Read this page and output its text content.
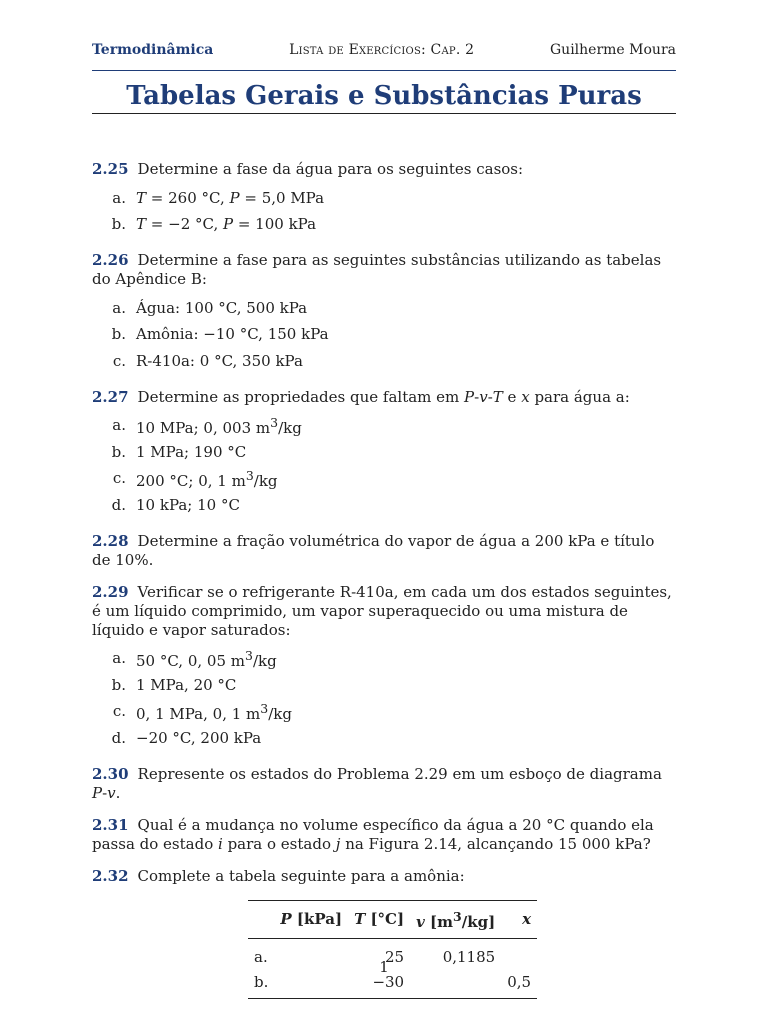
Termodinâmica	Lista de Exercícios: Cap. 2	Guilherme Moura
Tabelas Gerais e Substâncias Puras
2.25 Determine a fase da água para os seguintes casos:
a. T = 260 °C, P = 5,0 MPa
b. T = −2 °C, P = 100 kPa
2.26 Determine a fase para as seguintes substâncias utilizando as tabelas do Apêndice B:
a. Água: 100 °C, 500 kPa
b. Amônia: −10 °C, 150 kPa
c. R-410a: 0 °C, 350 kPa
2.27 Determine as propriedades que faltam em P-v-T e x para água a:
a. 10 MPa; 0, 003 $m^3/kg$
b. 1 MPa; 190 °C
c. 200 °C; 0, 1 $m^3/kg$
d. 10 kPa; 10 °C
2.28 Determine a fração volumétrica do vapor de água a 200 kPa e título de 10%.
2.29 Verificar se o refrigerante R-410a, em cada um dos estados seguintes, é um líquido comprimido, um vapor superaquecido ou uma mistura de líquido e vapor saturados:
a. 50 °C, 0, 05 $m^3/kg$
b. 1 MPa, 20 °C
c. 0, 1 MPa, 0, 1 $m^3/kg$
d. −20 °C, 200 kPa
2.30 Represente os estados do Problema 2.29 em um esboço de diagrama P-v.
2.31 Qual é a mudança no volume específico da água a 20 °C quando ela passa do estado i para o estado j na Figura 2.14, alcançando 15 000 kPa?
2.32 Complete a tabela seguinte para a amônia:
	P [kPa]	T [°C]	v $[m^3/kg]$	x
a.		25	0,1185	
b.		−30		0,5
1
